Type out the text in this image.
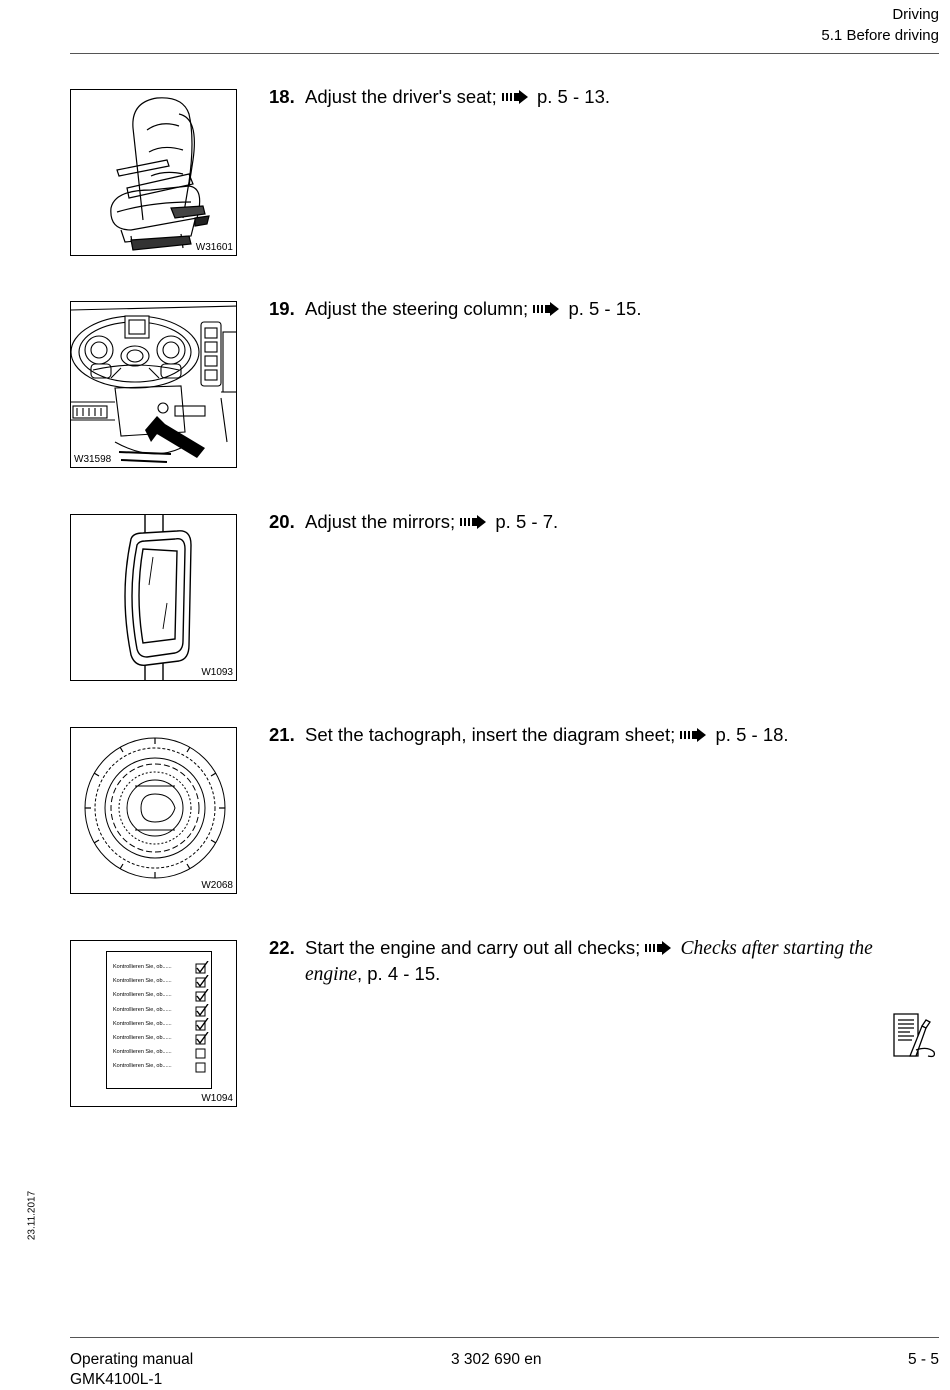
Driving
5.1 Before driving
W31601
18. Adjust the driver's seat; p. 5 - 13.
W31598
19. Adjust the steering column; p. 5 - 15.
W1093
20. Adjust the mirrors; p. 5 - 7.
W2068
21. Set the tachograph, insert the diagram sheet; p. 5 - 18.
Kontrollieren Sie, ob......
Kontrollieren Sie, ob......
Kontrollieren Sie, ob......
Kontrollieren Sie, ob......
Kontrollieren Sie, ob......
Kontrollieren Sie, ob......
Kontrollieren Sie, ob......
Kontrollieren Sie, ob......
W1094
22. Start the engine and carry out all checks; Checks after starting the
engine, p. 4 - 15.
23.11.2017
Operating manual
GMK4100L-1
3 302 690 en	5 - 5
